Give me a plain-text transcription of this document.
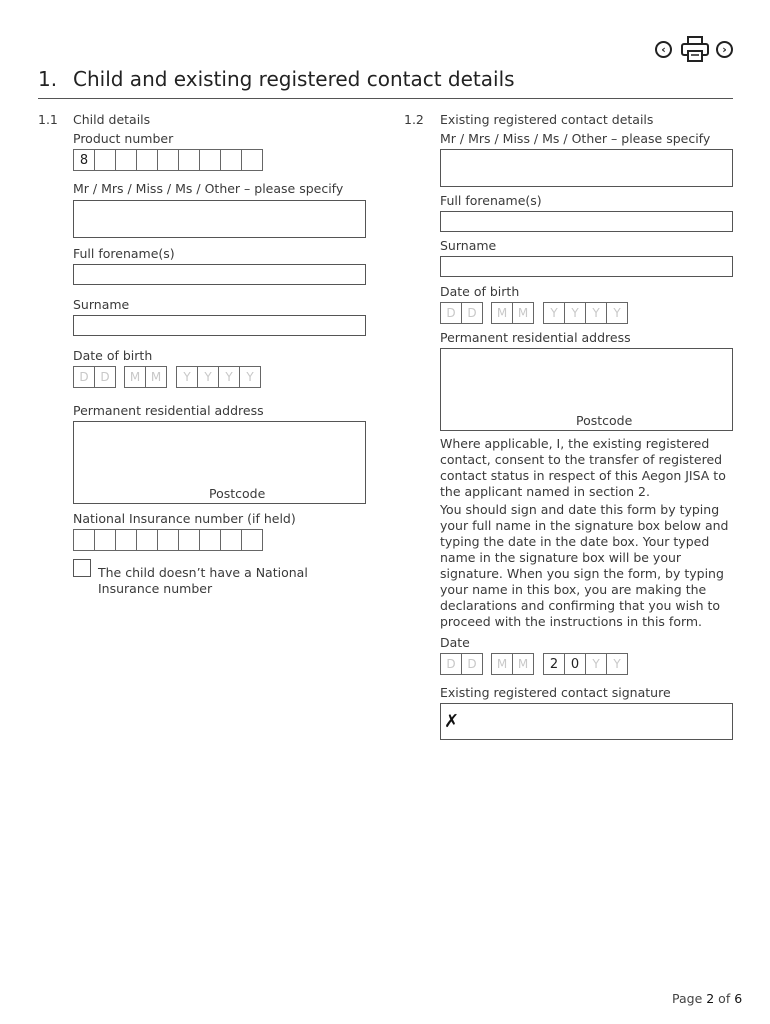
‹	›
1. Child and existing registered contact details
1.1 Child details
Product number
8
Mr / Mrs / Miss / Ms / Other – please specify
Full forename(s)
Surname
Date of birth
D D	M M	Y	Y	Y	Y
Permanent residential address
Postcode
National Insurance number (if held)
The child doesn’t have a National Insurance number
1.2 Existing registered contact details
Mr / Mrs / Miss / Ms / Other – please specify
Full forename(s)
Surname
Date of birth
D D	M M	Y	Y	Y	Y
Permanent residential address
Postcode
Where applicable, I, the existing registered contact, consent to the transfer of registered contact status in respect of this Aegon JISA to the applicant named in section 2.
You should sign and date this form by typing your full name in the signature box below and typing the date in the date box. Your typed name in the signature box will be your signature. When you sign the form, by typing your name in this box, you are making the declarations and confirming that you wish to proceed with the instructions in this form.
Date
D D	M M	2 0	Y	Y
Existing registered contact signature
✗
Page 2 of 6
